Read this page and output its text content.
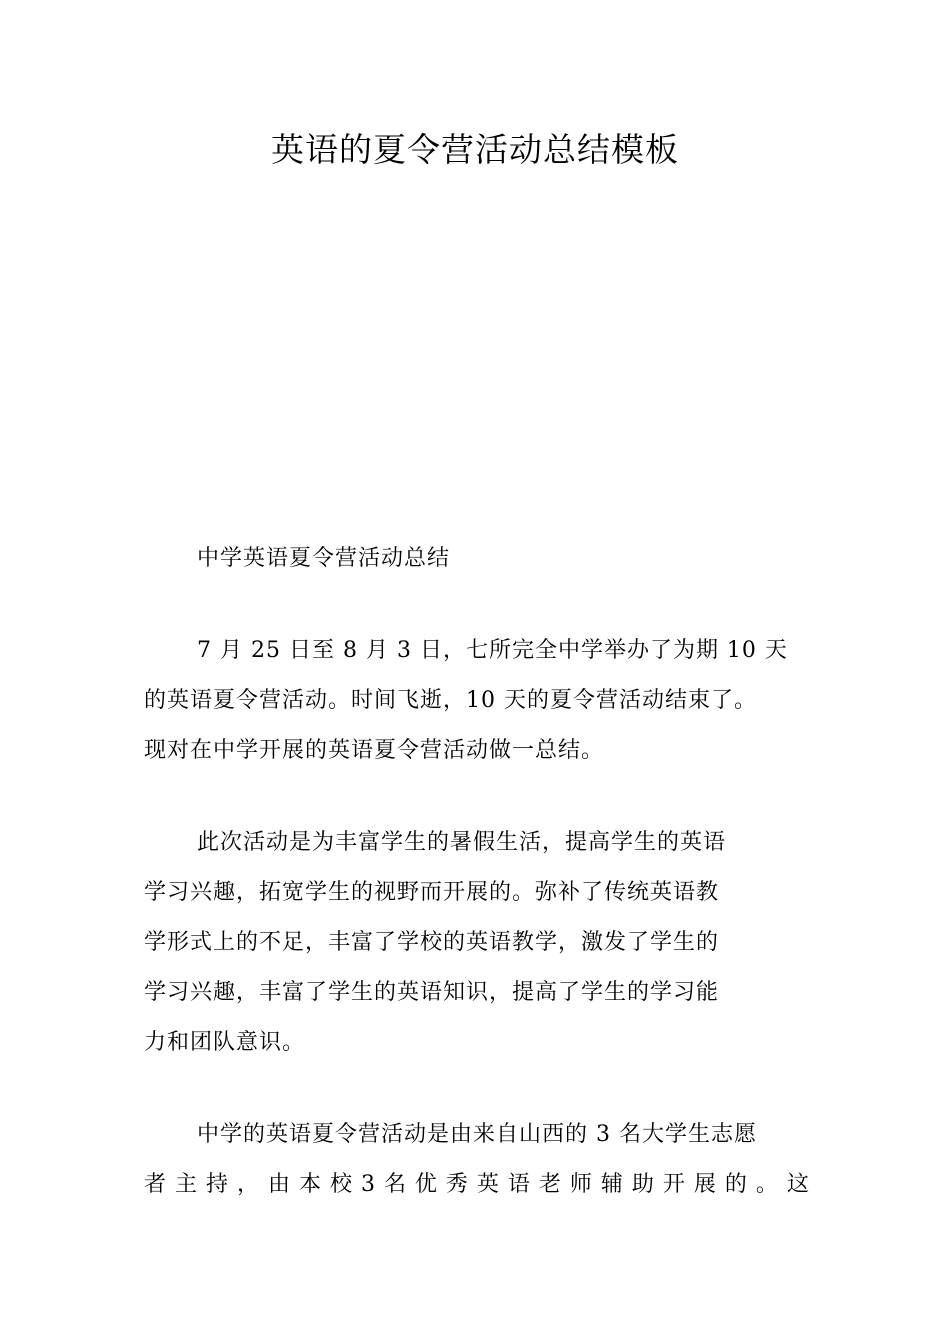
英语的夏令营活动总结模板
中学英语夏令营活动总结
7 月 25 日至 8 月 3 日，七所完全中学举办了为期 10 天
的英语夏令营活动。时间飞逝，10 天的夏令营活动结束了。
现对在中学开展的英语夏令营活动做一总结。
此次活动是为丰富学生的暑假生活，提高学生的英语
学习兴趣，拓宽学生的视野而开展的。弥补了传统英语教
学形式上的不足，丰富了学校的英语教学，激发了学生的
学习兴趣，丰富了学生的英语知识，提高了学生的学习能
力和团队意识。
中学的英语夏令营活动是由来自山西的 3 名大学生志愿
者 主 持 ， 由 本 校 3 名 优 秀 英 语 老 师 辅 助 开 展 的 。 这
